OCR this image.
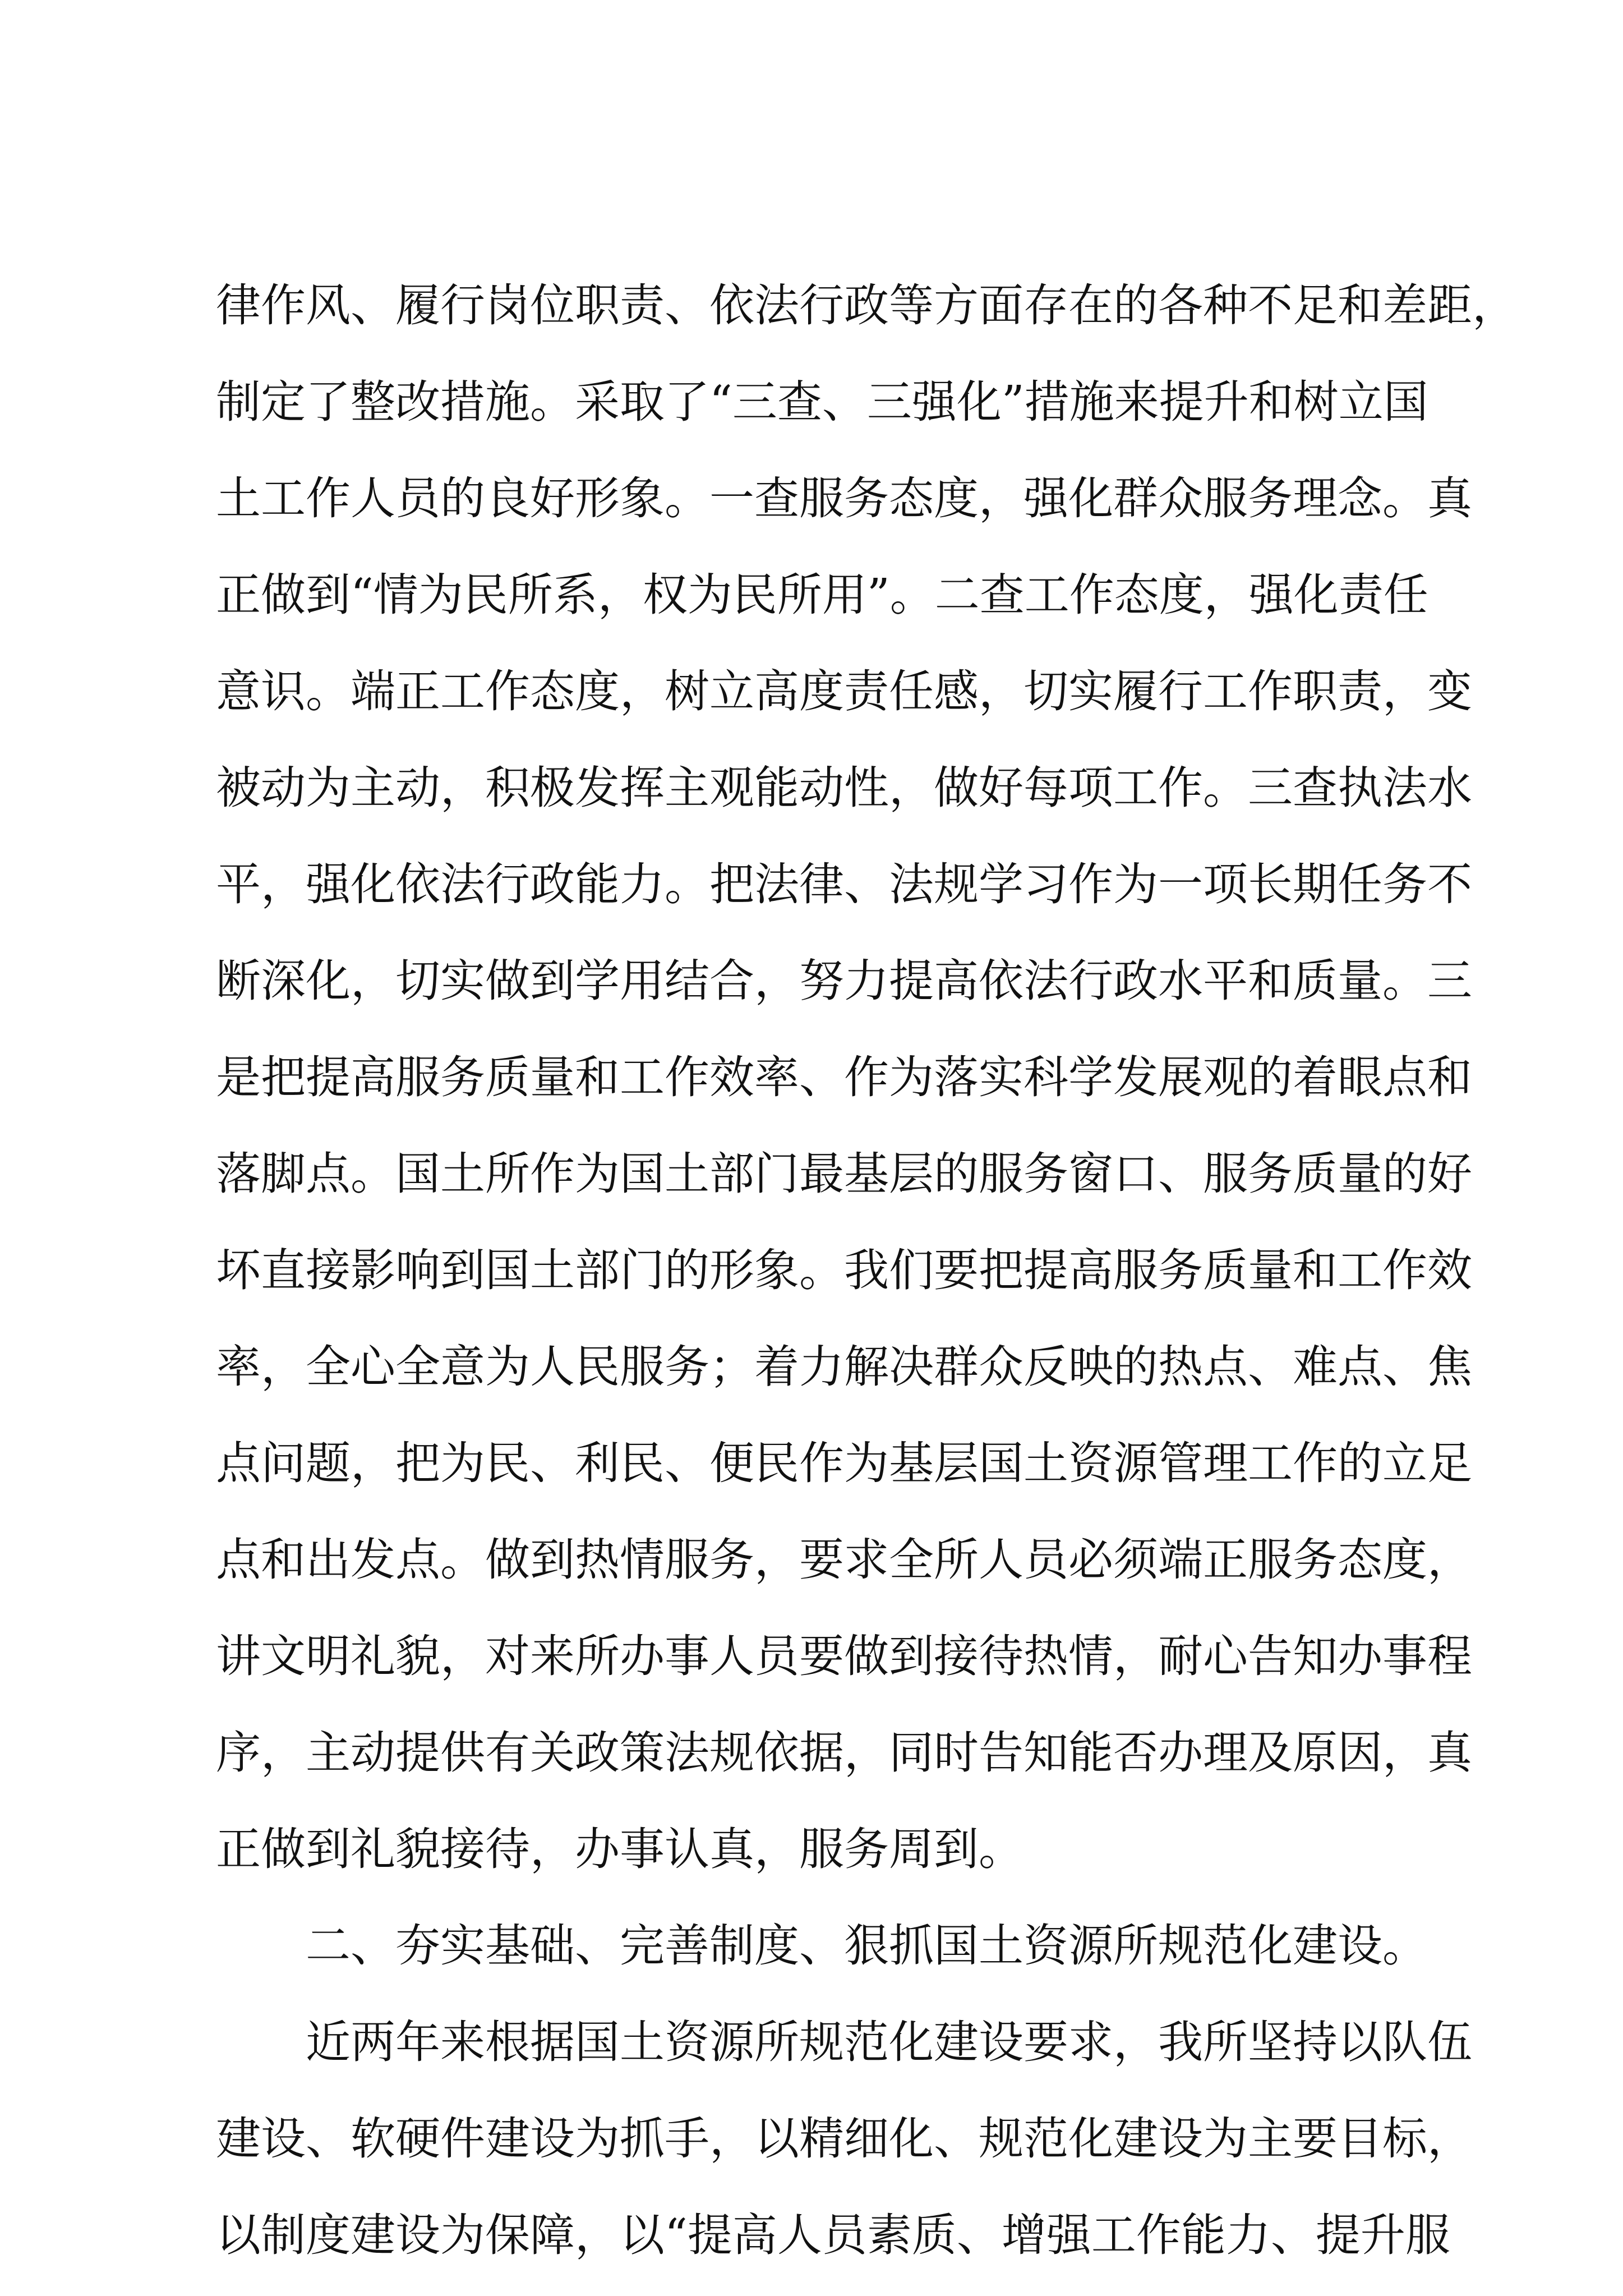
律作风、履行岗位职责、依法行政等方面存在的各种不足和差距，
制定了整改措施。采取了“三查、三强化”措施来提升和树立国
土工作人员的良好形象。一查服务态度，强化群众服务理念。真
正做到“情为民所系，权为民所用”。二查工作态度，强化责任
意识。端正工作态度，树立高度责任感，切实履行工作职责，变
被动为主动，积极发挥主观能动性，做好每项工作。三查执法水
平，强化依法行政能力。把法律、法规学习作为一项长期任务不
断深化，切实做到学用结合，努力提高依法行政水平和质量。三
是把提高服务质量和工作效率、作为落实科学发展观的着眼点和
落脚点。国土所作为国土部门最基层的服务窗口、服务质量的好
坏直接影响到国土部门的形象。我们要把提高服务质量和工作效
率，全心全意为人民服务；着力解决群众反映的热点、难点、焦
点问题，把为民、利民、便民作为基层国土资源管理工作的立足
点和出发点。做到热情服务，要求全所人员必须端正服务态度，
讲文明礼貌，对来所办事人员要做到接待热情，耐心告知办事程
序，主动提供有关政策法规依据，同时告知能否办理及原因，真
正做到礼貌接待，办事认真，服务周到。
二、夯实基础、完善制度、狠抓国土资源所规范化建设。
近两年来根据国土资源所规范化建设要求，我所坚持以队伍
建设、软硬件建设为抓手，以精细化、规范化建设为主要目标，
以制度建设为保障，以“提高人员素质、增强工作能力、提升服
